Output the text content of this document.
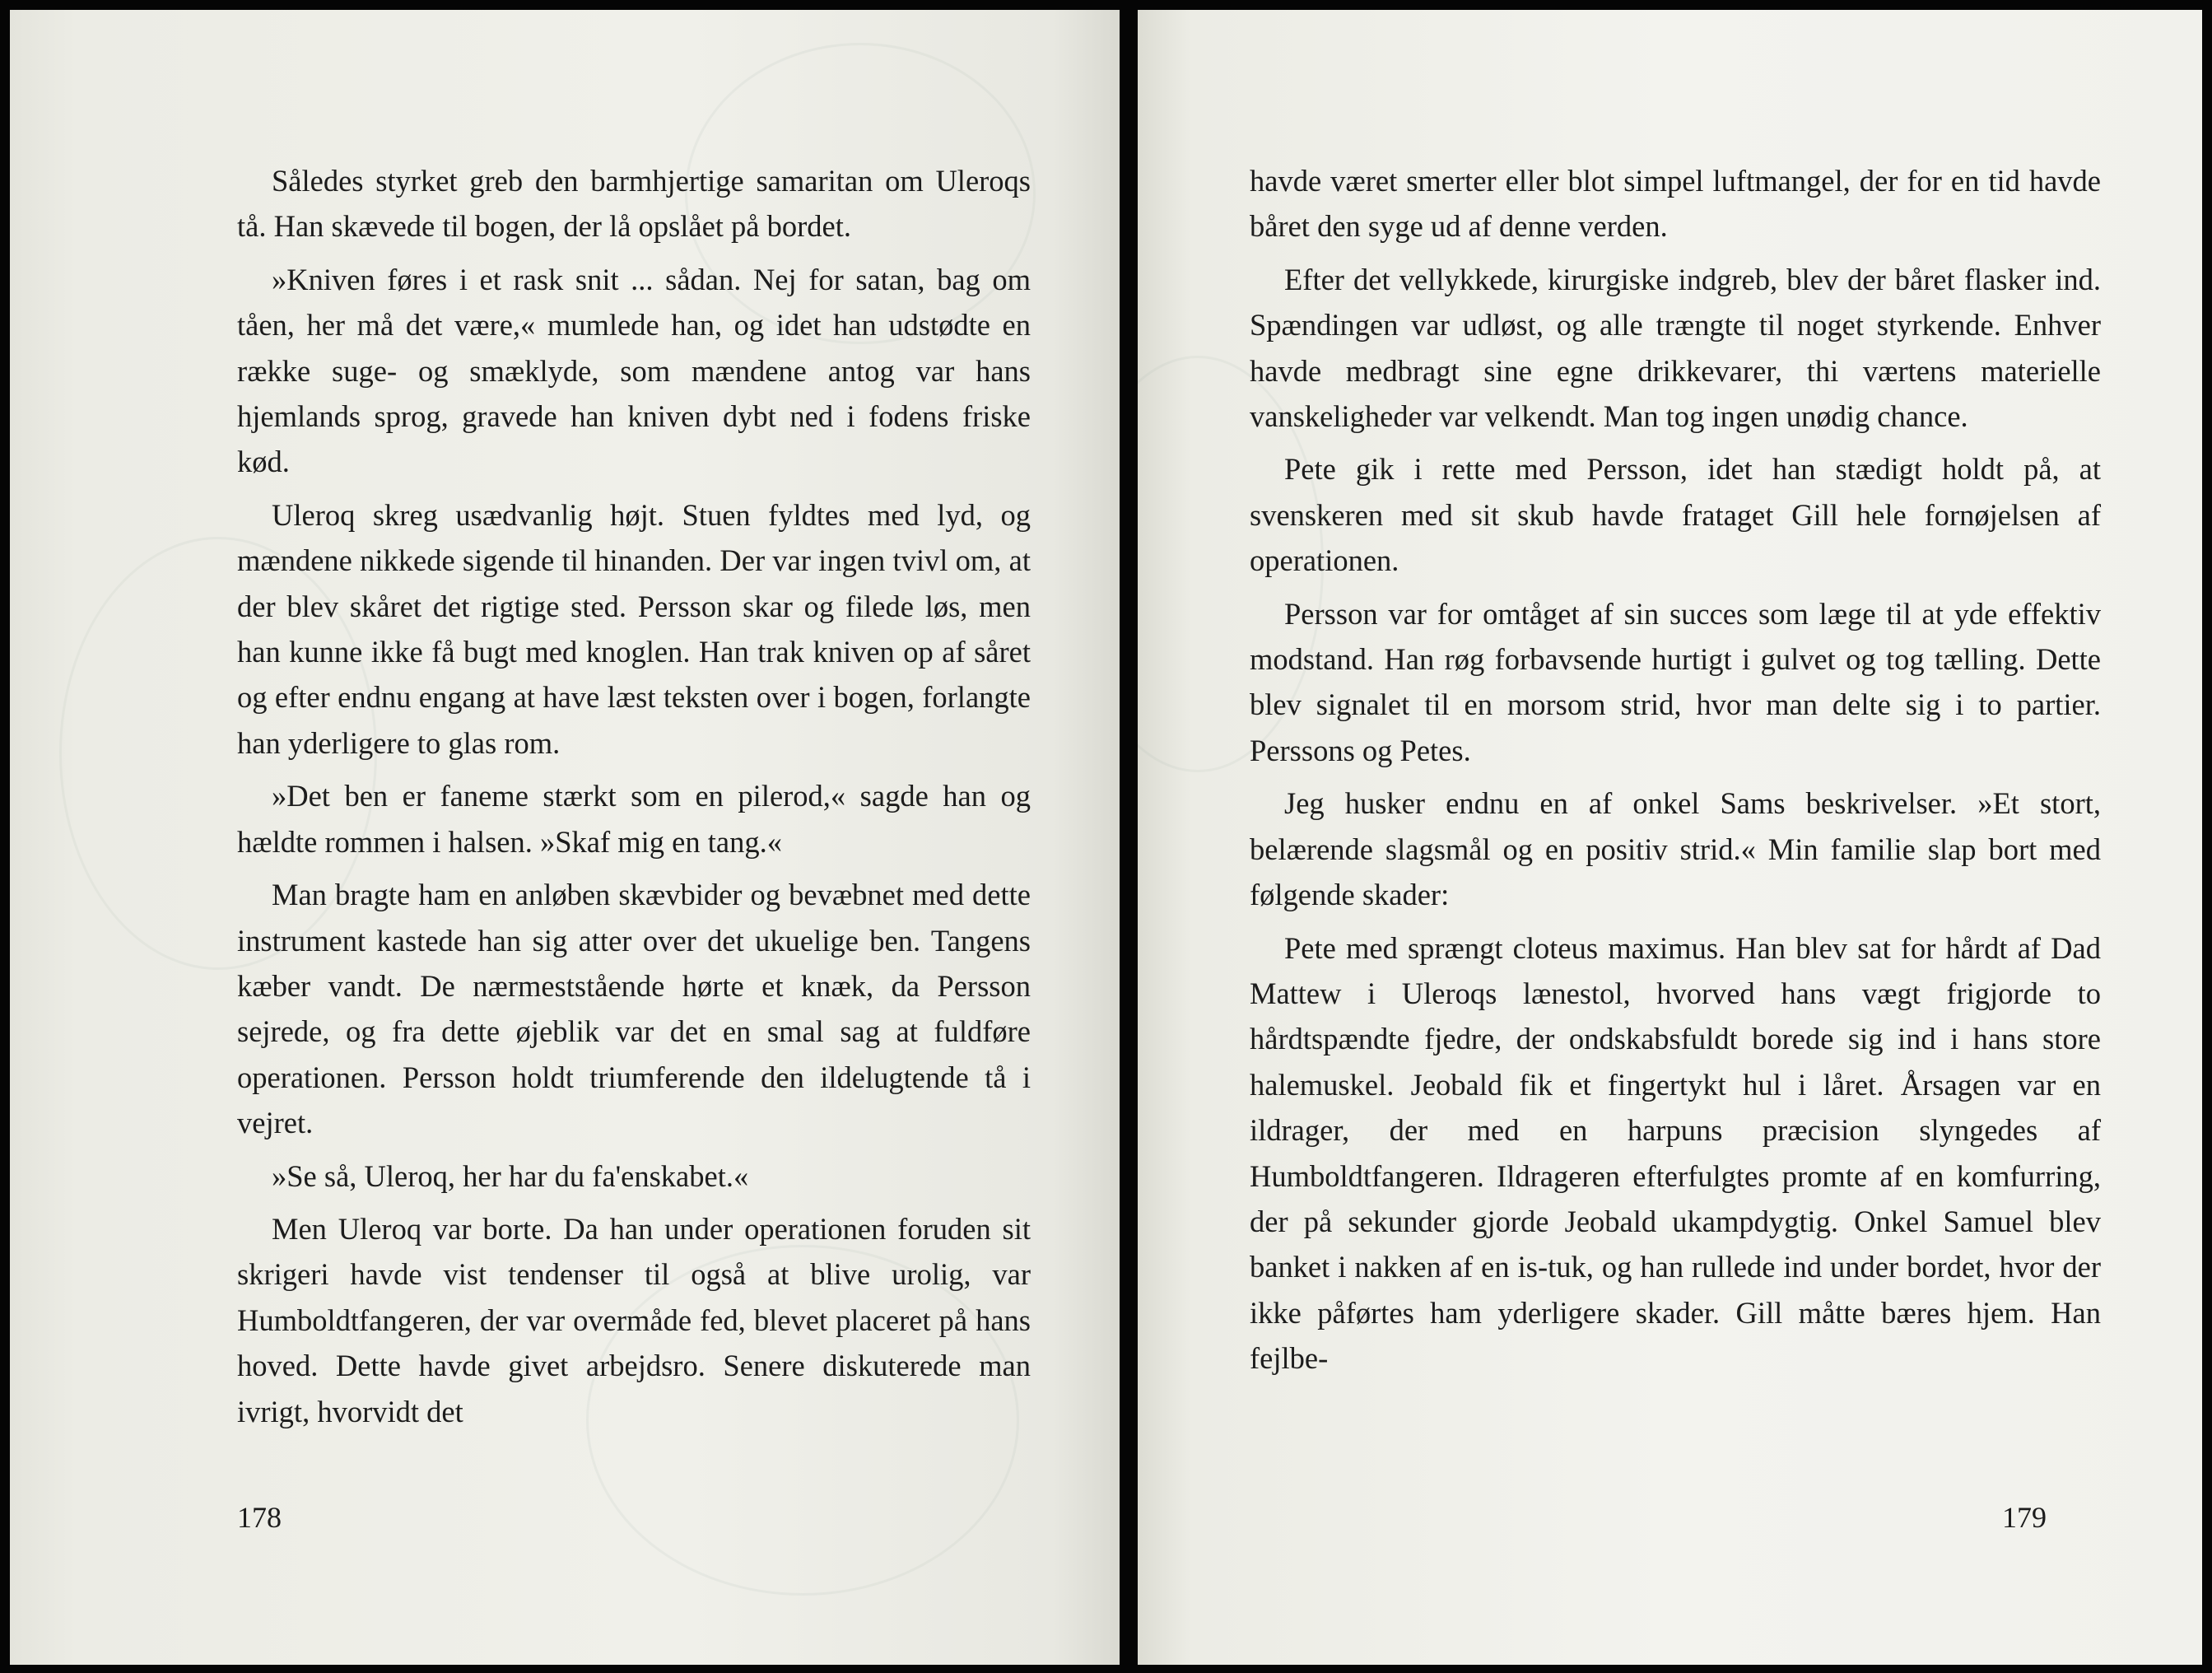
Således styrket greb den barmhjertige samaritan om Uleroqs tå. Han skævede til bogen, der lå opslået på bordet.

»Kniven føres i et rask snit ... sådan. Nej for satan, bag om tåen, her må det være,« mumlede han, og idet han udstødte en række suge- og smæklyde, som mændene antog var hans hjemlands sprog, gravede han kniven dybt ned i fodens friske kød.

Uleroq skreg usædvanlig højt. Stuen fyldtes med lyd, og mændene nikkede sigende til hinanden. Der var ingen tvivl om, at der blev skåret det rigtige sted. Persson skar og filede løs, men han kunne ikke få bugt med knoglen. Han trak kniven op af såret og efter endnu engang at have læst teksten over i bogen, forlangte han yderligere to glas rom.

»Det ben er faneme stærkt som en pilerod,« sagde han og hældte rommen i halsen. »Skaf mig en tang.«

Man bragte ham en anløben skævbider og bevæbnet med dette instrument kastede han sig atter over det ukuelige ben. Tangens kæber vandt. De nærmeststående hørte et knæk, da Persson sejrede, og fra dette øjeblik var det en smal sag at fuldføre operationen. Persson holdt triumferende den ildelugtende tå i vejret.

»Se så, Uleroq, her har du fa'enskabet.«

Men Uleroq var borte. Da han under operationen foruden sit skrigeri havde vist tendenser til også at blive urolig, var Humboldtfangeren, der var overmåde fed, blevet placeret på hans hoved. Dette havde givet arbejdsro. Senere diskuterede man ivrigt, hvorvidt det

178

havde været smerter eller blot simpel luftmangel, der for en tid havde båret den syge ud af denne verden.

Efter det vellykkede, kirurgiske indgreb, blev der båret flasker ind. Spændingen var udløst, og alle trængte til noget styrkende. Enhver havde medbragt sine egne drikkevarer, thi værtens materielle vanskeligheder var velkendt. Man tog ingen unødig chance.

Pete gik i rette med Persson, idet han stædigt holdt på, at svenskeren med sit skub havde frataget Gill hele fornøjelsen af operationen.

Persson var for omtåget af sin succes som læge til at yde effektiv modstand. Han røg forbavsende hurtigt i gulvet og tog tælling. Dette blev signalet til en morsom strid, hvor man delte sig i to partier. Perssons og Petes.

Jeg husker endnu en af onkel Sams beskrivelser. »Et stort, belærende slagsmål og en positiv strid.« Min familie slap bort med følgende skader:

Pete med sprængt cloteus maximus. Han blev sat for hårdt af Dad Mattew i Uleroqs lænestol, hvorved hans vægt frigjorde to hårdtspændte fjedre, der ondskabsfuldt borede sig ind i hans store halemuskel. Jeobald fik et fingertykt hul i låret. Årsagen var en ildrager, der med en harpuns præcision slyngedes af Humboldtfangeren. Ildrageren efterfulgtes promte af en komfurring, der på sekunder gjorde Jeobald ukampdygtig. Onkel Samuel blev banket i nakken af en is-tuk, og han rullede ind under bordet, hvor der ikke påførtes ham yderligere skader. Gill måtte bæres hjem. Han fejlbe-

179
